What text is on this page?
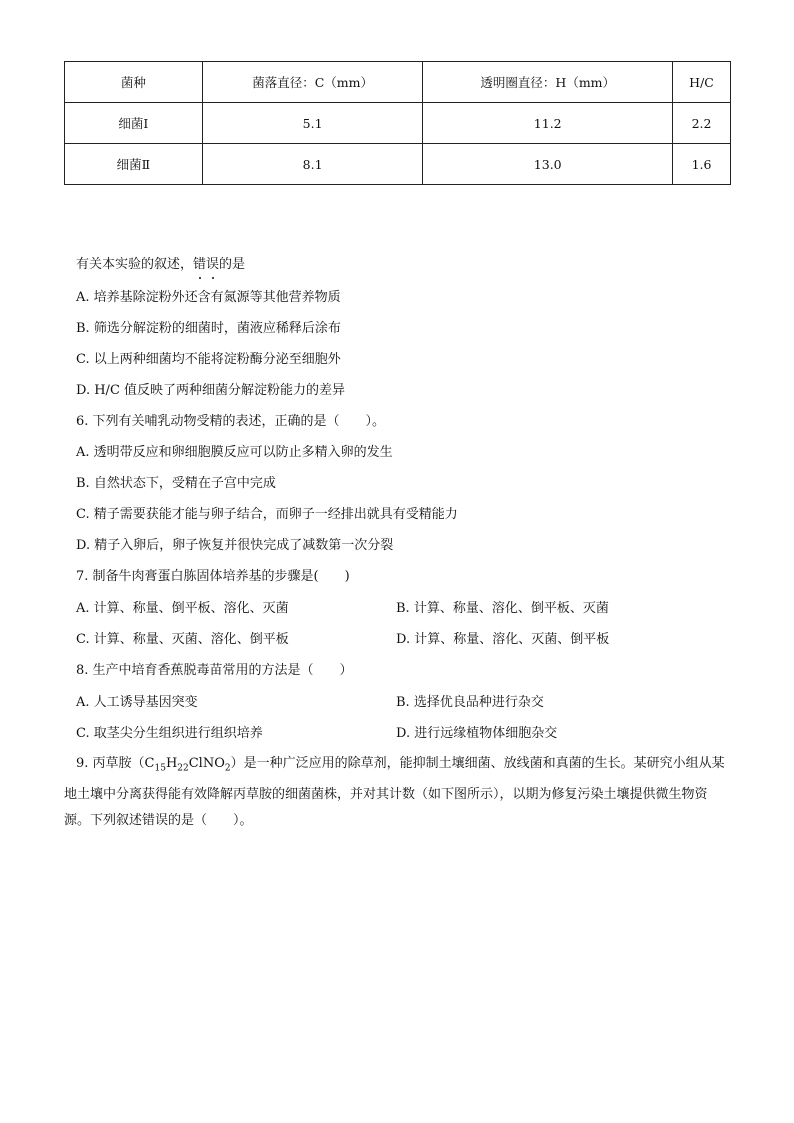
菌种	菌落直径：C（mm）	透明圈直径：H（mm）	H/C
细菌Ⅰ	5.1	11.2	2.2
细菌Ⅱ	8.1	13.0	1.6
有关本实验的叙述，错误的是
A. 培养基除淀粉外还含有氮源等其他营养物质
B. 筛选分解淀粉的细菌时，菌液应稀释后涂布
C. 以上两种细菌均不能将淀粉酶分泌至细胞外
D. H/C 值反映了两种细菌分解淀粉能力的差异
6. 下列有关哺乳动物受精的表述，正确的是（　　）。
A. 透明带反应和卵细胞膜反应可以防止多精入卵的发生
B. 自然状态下，受精在子宫中完成
C. 精子需要获能才能与卵子结合，而卵子一经排出就具有受精能力
D. 精子入卵后，卵子恢复并很快完成了减数第一次分裂
7. 制备牛肉膏蛋白胨固体培养基的步骤是(　　)
A. 计算、称量、倒平板、溶化、灭菌	B. 计算、称量、溶化、倒平板、灭菌
C. 计算、称量、灭菌、溶化、倒平板	D. 计算、称量、溶化、灭菌、倒平板
8. 生产中培育香蕉脱毒苗常用的方法是（　　）
A. 人工诱导基因突变	B. 选择优良品种进行杂交
C. 取茎尖分生组织进行组织培养	D. 进行远缘植物体细胞杂交
9. 丙草胺$(C_{15}H_{22}ClNO_2)$是一种广泛应用的除草剂，能抑制土壤细菌、放线菌和真菌的生长。某研究小组从某地土壤中分离获得能有效降解丙草胺的细菌菌株，并对其计数（如下图所示），以期为修复污染土壤提供微生物资源。下列叙述错误的是（　　）。
